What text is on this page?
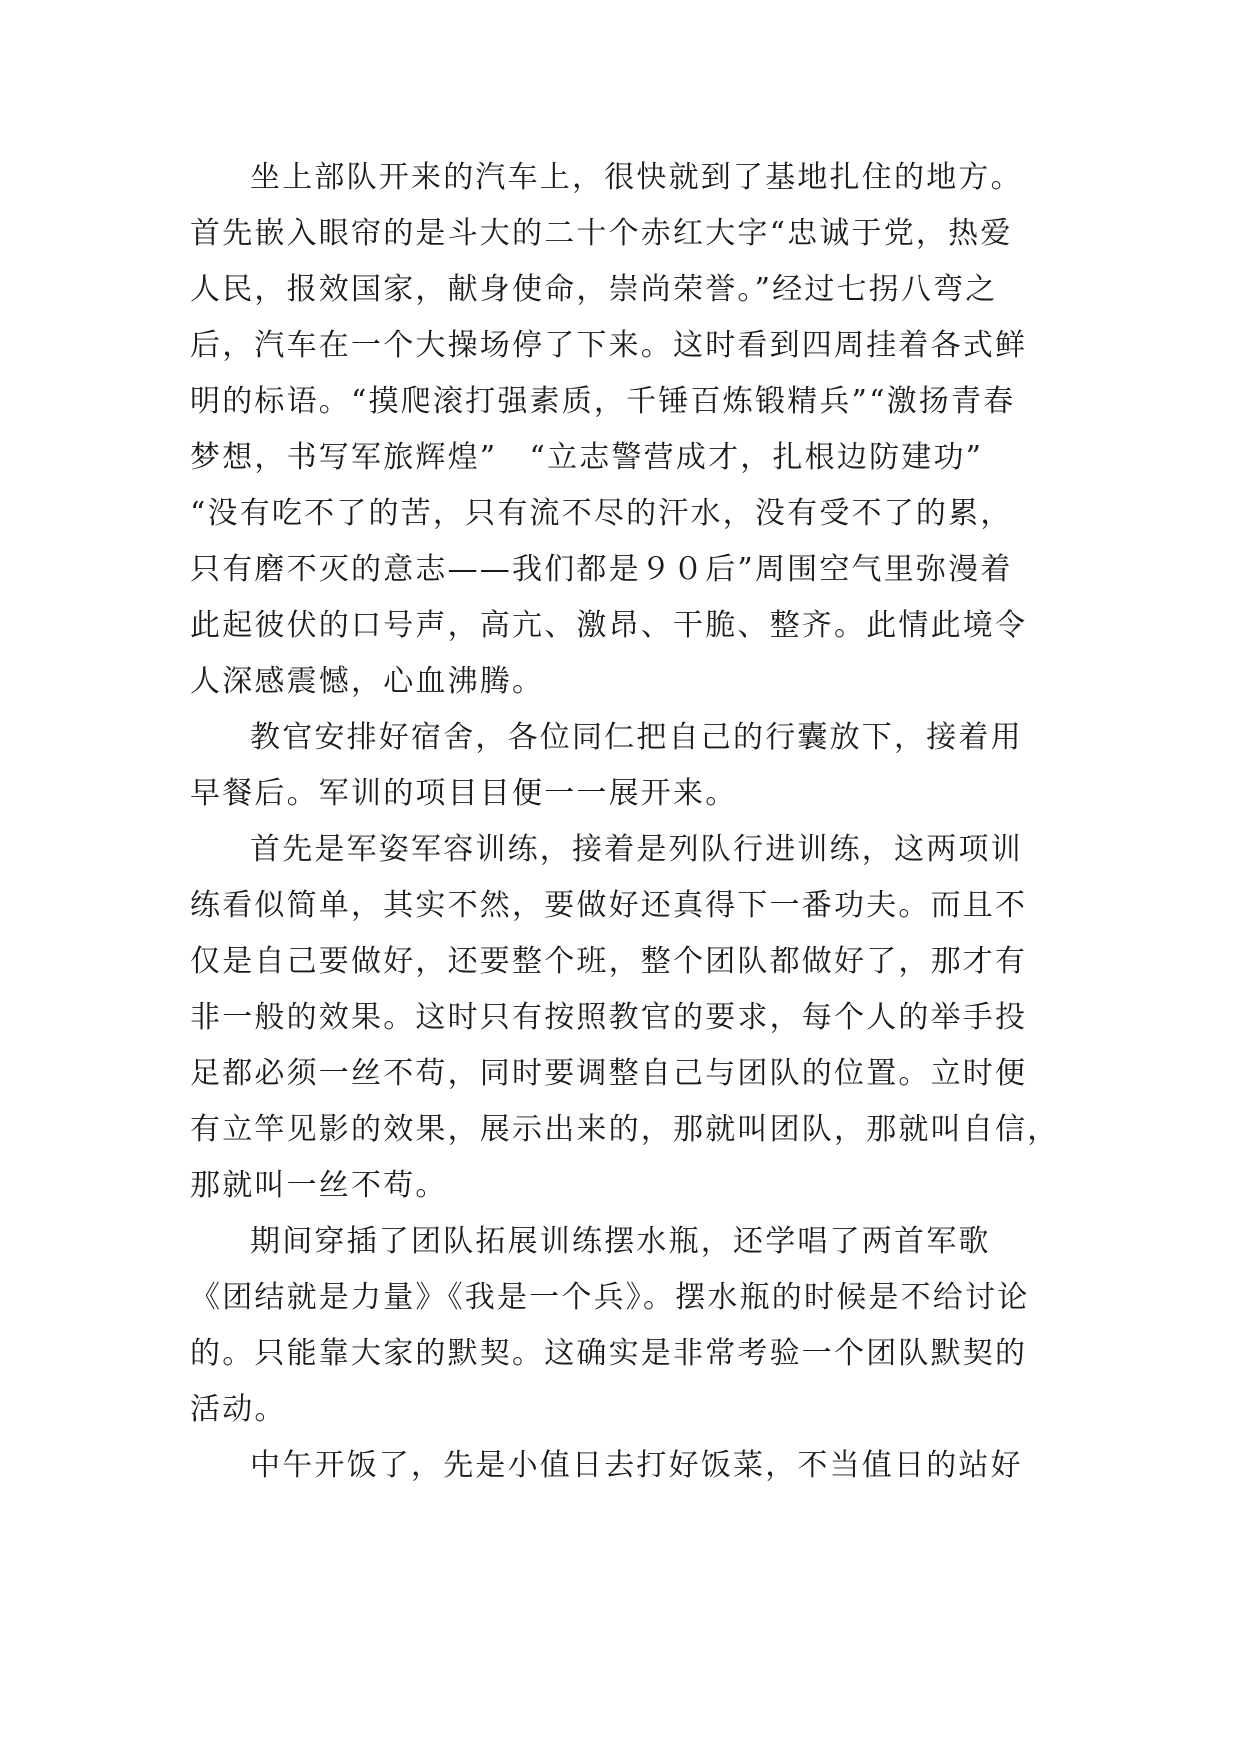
坐上部队开来的汽车上，很快就到了基地扎住的地方。
首先嵌入眼帘的是斗大的二十个赤红大字“忠诚于党，热爱
人民，报效国家，献身使命，崇尚荣誉。”经过七拐八弯之
后，汽车在一个大操场停了下来。这时看到四周挂着各式鲜
明的标语。“摸爬滚打强素质，千锤百炼锻精兵”“激扬青春
梦想，书写军旅辉煌”　“立志警营成才，扎根边防建功”
“没有吃不了的苦，只有流不尽的汗水，没有受不了的累，
只有磨不灭的意志——我们都是９０后”周围空气里弥漫着
此起彼伏的口号声，高亢、激昂、干脆、整齐。此情此境令
人深感震憾，心血沸腾。
教官安排好宿舍，各位同仁把自己的行囊放下，接着用
早餐后。军训的项目目便一一展开来。
首先是军姿军容训练，接着是列队行进训练，这两项训
练看似简单，其实不然，要做好还真得下一番功夫。而且不
仅是自己要做好，还要整个班，整个团队都做好了，那才有
非一般的效果。这时只有按照教官的要求，每个人的举手投
足都必须一丝不苟，同时要调整自己与团队的位置。立时便
有立竿见影的效果，展示出来的，那就叫团队，那就叫自信，
那就叫一丝不苟。
期间穿插了团队拓展训练摆水瓶，还学唱了两首军歌
《团结就是力量》《我是一个兵》。摆水瓶的时候是不给讨论
的。只能靠大家的默契。这确实是非常考验一个团队默契的
活动。
中午开饭了，先是小值日去打好饭菜，不当值日的站好
